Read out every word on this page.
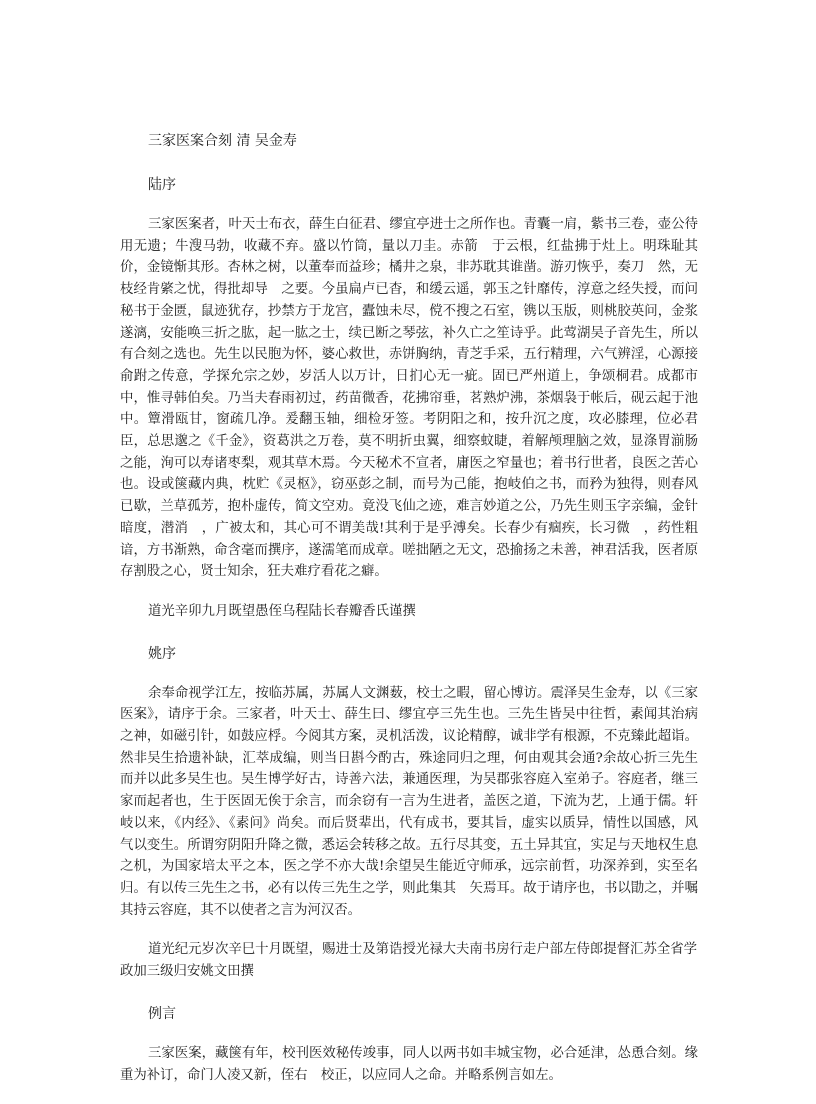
三家医案合刻 清 吴金寿
陆序

三家医案者，叶天士布衣，薛生白征君、缪宜亭进士之所作也。青囊一肩，紫书三卷，壶公待用无遗；牛溲马勃，收藏不弃。盛以竹筒，量以刀圭。赤箭　于云根，红盐拂于灶上。明珠耻其价，金镜惭其形。杏林之树，以董奉而益珍；橘井之泉，非苏耽其谁凿。游刃恢乎，奏刀　然，无枝经肯綮之忧，得批却导　之要。今虽扁卢已杳，和缓云遥，郭玉之针靡传，淳意之经失授，而问秘书于金匮，鼠迹犹存，抄禁方于龙宫，蠹蚀未尽，傥不搜之石室，镌以玉版，则桃胶英问，金浆遂漓，安能唤三折之肱，起一肱之士，续已断之琴弦，补久亡之笙诗乎。此莺湖吴子音先生，所以有合刻之选也。先生以民胞为怀，婆心救世，赤饼胸纳，青芝手采，五行精理，六气辨淫，心源接俞跗之传意，学探允宗之妙，岁活人以万计，日扪心无一疵。固已严州道上，争颂桐君。成都市中，惟寻韩伯矣。乃当夫春雨初过，药苗微香，花拂帘垂，茗熟炉沸，茶烟袅于帐后，砚云起于池中。簟滑瓯甘，窗疏几净。爰翻玉轴，细检牙签。考阴阳之和，按升沉之度，攻必膝理，位必君臣，总思邈之《千金》，资葛洪之万卷，莫不明折虫翼，细察蚊睫，着解颅理脑之效，显涤胃湔肠之能，洵可以寿诸枣梨，观其草木焉。今天秘术不宣者，庸医之窄量也；着书行世者，良医之苦心也。设或箧藏内典，枕贮《灵枢》，窃巫彭之制，而号为己能，抱岐伯之书，而矜为独得，则春风已歇，兰草孤芳，抱朴虚传，简文空劝。竟没飞仙之迹，难言妙道之公，乃先生则玉字亲编，金针暗度，潜消　，广被太和，其心可不谓美哉!其利于是乎溥矣。长春少有痼疾，长习微　，药性粗谙，方书渐熟，命含毫而撰序，遂濡笔而成章。嗟拙陋之无文，恐揄扬之未善，神君活我，医者原存割股之心，贤士知余，狂夫难疗看花之癖。

道光辛卯九月既望愚侄乌程陆长春瓣香氏谨撰
姚序

余奉命视学江左，按临苏属，苏属人文渊薮，校士之暇，留心博访。震泽吴生金寿，以《三家医案》，请序于余。三家者，叶天士、薛生曰、缪宜亭三先生也。三先生皆吴中往哲，素闻其治病之神，如磁引针，如鼓应桴。今阅其方案，灵机活泼，议论精醇，诚非学有根源，不克臻此超诣。然非吴生拾遗补缺，汇萃成编，则当日斟今酌古，殊途同归之理，何由观其会通?余故心折三先生而并以此多吴生也。吴生博学好古，诗善六法，兼通医理，为吴郡张容庭入室弟子。容庭者，继三家而起者也，生于医固无俟于余言，而余窃有一言为生进者，盖医之道，下流为艺，上通于儒。轩岐以来，《内经》、《素问》尚矣。而后贤辈出，代有成书，要其旨，虚实以质异，情性以国感，风气以变生。所谓穷阴阳升降之微，悉运会转移之故。五行尽其变，五土异其宜，实足与天地权生息之机，为国家培太平之本，医之学不亦大哉!余望吴生能近守师承，远宗前哲，功深养到，实至名归。有以传三先生之书，必有以传三先生之学，则此集其　矢焉耳。故于请序也，书以勖之，并嘱其持云容庭，其不以使者之言为河汉否。

道光纪元岁次辛巳十月既望，赐进士及第诰授光禄大夫南书房行走户部左侍郎提督汇苏全省学政加三级归安姚文田撰
例言

三家医案，藏箧有年，校刊医效秘传竣事，同人以两书如丰城宝物，必合延津，怂恿合刻。缘重为补订，命门人凌又新，侄右　校正，以应同人之命。并略系例言如左。
